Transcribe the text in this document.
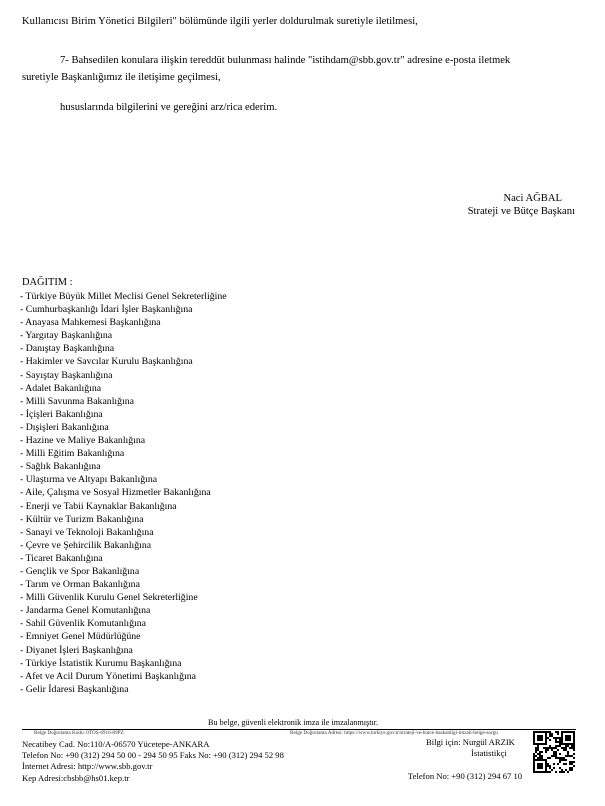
Kullanıcısı Birim Yönetici Bilgileri" bölümünde ilgili yerler doldurulmak suretiyle iletilmesi,
7- Bahsedilen konulara ilişkin tereddüt bulunması halinde "istihdam@sbb.gov.tr" adresine e-posta iletmek
suretiyle Başkanlığımız ile iletişime geçilmesi,
hususlarında bilgilerini ve gereğini arz/rica ederim.
Naci AĞBAL
Strateji ve Bütçe Başkanı
DAĞITIM :
- Türkiye Büyük Millet Meclisi Genel Sekreterliğine
- Cumhurbaşkanlığı İdari İşler Başkanlığına
- Anayasa Mahkemesi Başkanlığına
- Yargıtay Başkanlığına
- Danıştay Başkanlığına
- Hakimler ve Savcılar Kurulu Başkanlığına
- Sayıştay Başkanlığına
- Adalet Bakanlığına
- Milli Savunma Bakanlığına
- İçişleri Bakanlığına
- Dışişleri Bakanlığına
- Hazine ve Maliye Bakanlığına
- Milli Eğitim Bakanlığına
- Sağlık Bakanlığına
- Ulaştırma ve Altyapı Bakanlığına
- Aile, Çalışma ve Sosyal Hizmetler Bakanlığına
- Enerji ve Tabii Kaynaklar Bakanlığına
- Kültür ve Turizm Bakanlığına
- Sanayi ve Teknoloji Bakanlığına
- Çevre ve Şehircilik Bakanlığına
- Ticaret Bakanlığına
- Gençlik ve Spor Bakanlığına
- Tarım ve Orman Bakanlığına
- Milli Güvenlik Kurulu Genel Sekreterliğine
- Jandarma Genel Komutanlığına
- Sahil Güvenlik Komutanlığına
- Emniyet Genel Müdürlüğüne
- Diyanet İşleri Başkanlığına
- Türkiye İstatistik Kurumu Başkanlığına
- Afet ve Acil Durum Yönetimi Başkanlığına
- Gelir İdaresi Başkanlığına
Bu belge, güvenli elektronik imza ile imzalanmıştır.
Belge Doğrulama Kodu: 0TOS-6916-89PZ	Belge Doğrulama Adresi: https://www.turkiye.gov.tr/strateji-ve-butce-baskanligi-imzali-belge-sorgu
Necatibey Cad. No:110/A-06570 Yücetepe-ANKARA
Telefon No: +90 (312) 294 50 00 - 294 50 95 Faks No: +90 (312) 294 52 98
İnternet Adresi: http://www.sbb.gov.tr
Kep Adresi:cbsbb@hs01.kep.tr
Bilgi için: Nurgül ARZIK
İstatistikçi
Telefon No: +90 (312) 294 67 10
